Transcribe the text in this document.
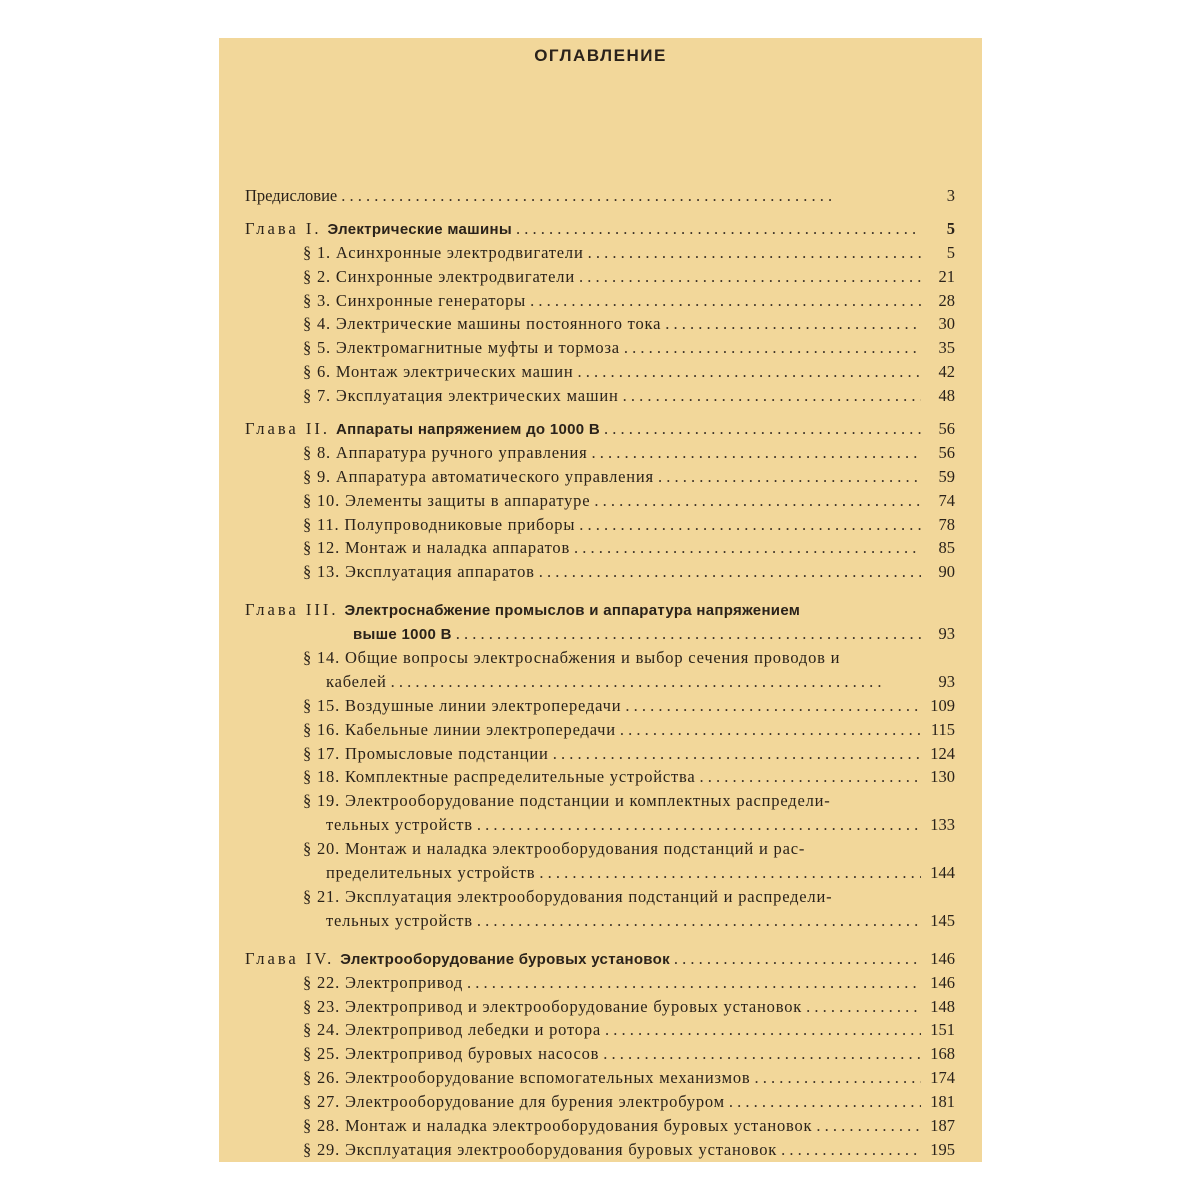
ОГЛАВЛЕНИЕ
Предисловие . .	3
Глава I. Электрические машины . .	5
§ 1. Асинхронные электродвигатели . .	5
§ 2. Синхронные электродвигатели . .	21
§ 3. Синхронные генераторы . .	28
§ 4. Электрические машины постоянного тока . .	30
§ 5. Электромагнитные муфты и тормоза . .	35
§ 6. Монтаж электрических машин . .	42
§ 7. Эксплуатация электрических машин . .	48
Глава II. Аппараты напряжением до 1000 В . .	56
§ 8. Аппаратура ручного управления . .	56
§ 9. Аппаратура автоматического управления . .	59
§ 10. Элементы защиты в аппаратуре . .	74
§ 11. Полупроводниковые приборы . .	78
§ 12. Монтаж и наладка аппаратов . .	85
§ 13. Эксплуатация аппаратов . .	90
Глава III. Электроснабжение промыслов и аппаратура напряжением
выше 1000 В . .	93
§ 14. Общие вопросы электроснабжения и выбор сечения проводов и
кабелей . .	93
§ 15. Воздушные линии электропередачи . .	109
§ 16. Кабельные линии электропередачи . .	115
§ 17. Промысловые подстанции . .	124
§ 18. Комплектные распределительные устройства . .	130
§ 19. Электрооборудование подстанции и комплектных распредели-
тельных устройств . .	133
§ 20. Монтаж и наладка электрооборудования подстанций и рас-
пределительных устройств . .	144
§ 21. Эксплуатация электрооборудования подстанций и распредели-
тельных устройств . .	145
Глава IV. Электрооборудование буровых установок . .	146
§ 22. Электропривод . .	146
§ 23. Электропривод и электрооборудование буровых установок . .	148
§ 24. Электропривод лебедки и ротора . .	151
§ 25. Электропривод буровых насосов . .	168
§ 26. Электрооборудование вспомогательных механизмов . .	174
§ 27. Электрооборудование для бурения электробуром . .	181
§ 28. Монтаж и наладка электрооборудования буровых установок . .	187
§ 29. Эксплуатация электрооборудования буровых установок . .	195
